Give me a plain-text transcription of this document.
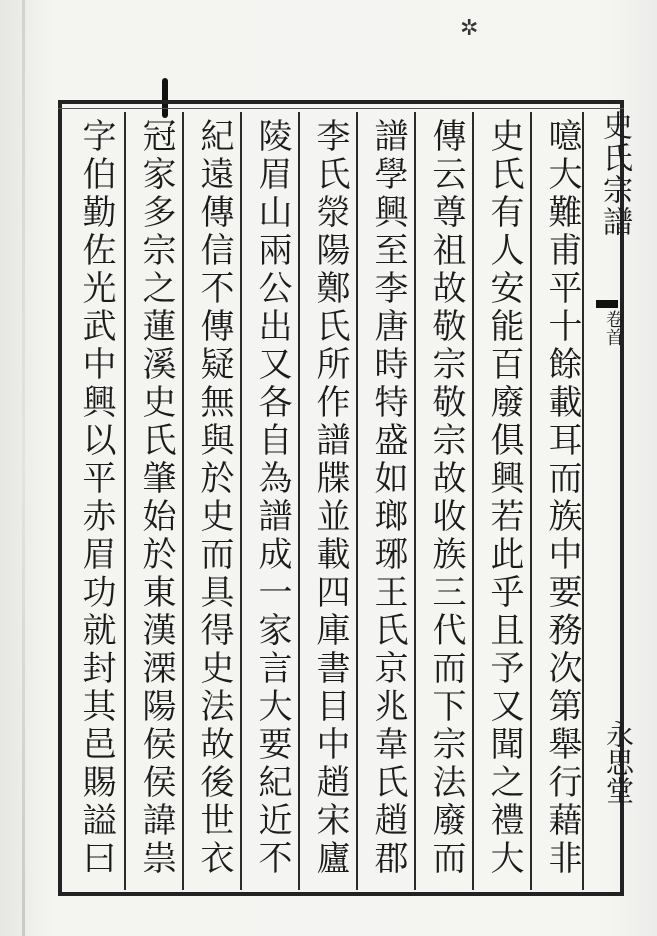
✲
史氏宗譜
卷首
永思堂
噫大難甫平十餘載耳而族中要務次第舉行藉非
史氏有人安能百廢俱興若此乎且予又聞之禮大
傳云尊祖故敬宗敬宗故收族三代而下宗法廢而
譜學興至李唐時特盛如瑯琊王氏京兆韋氏趙郡
李氏滎陽鄭氏所作譜牒並載四庫書目中趙宋廬
陵眉山兩公出又各自為譜成一家言大要紀近不
紀遠傳信不傳疑無與於史而具得史法故後世衣
冠家多宗之蓮溪史氏肇始於東漢溧陽侯侯諱祟
字伯勤佐光武中興以平赤眉功就封其邑賜謚曰
